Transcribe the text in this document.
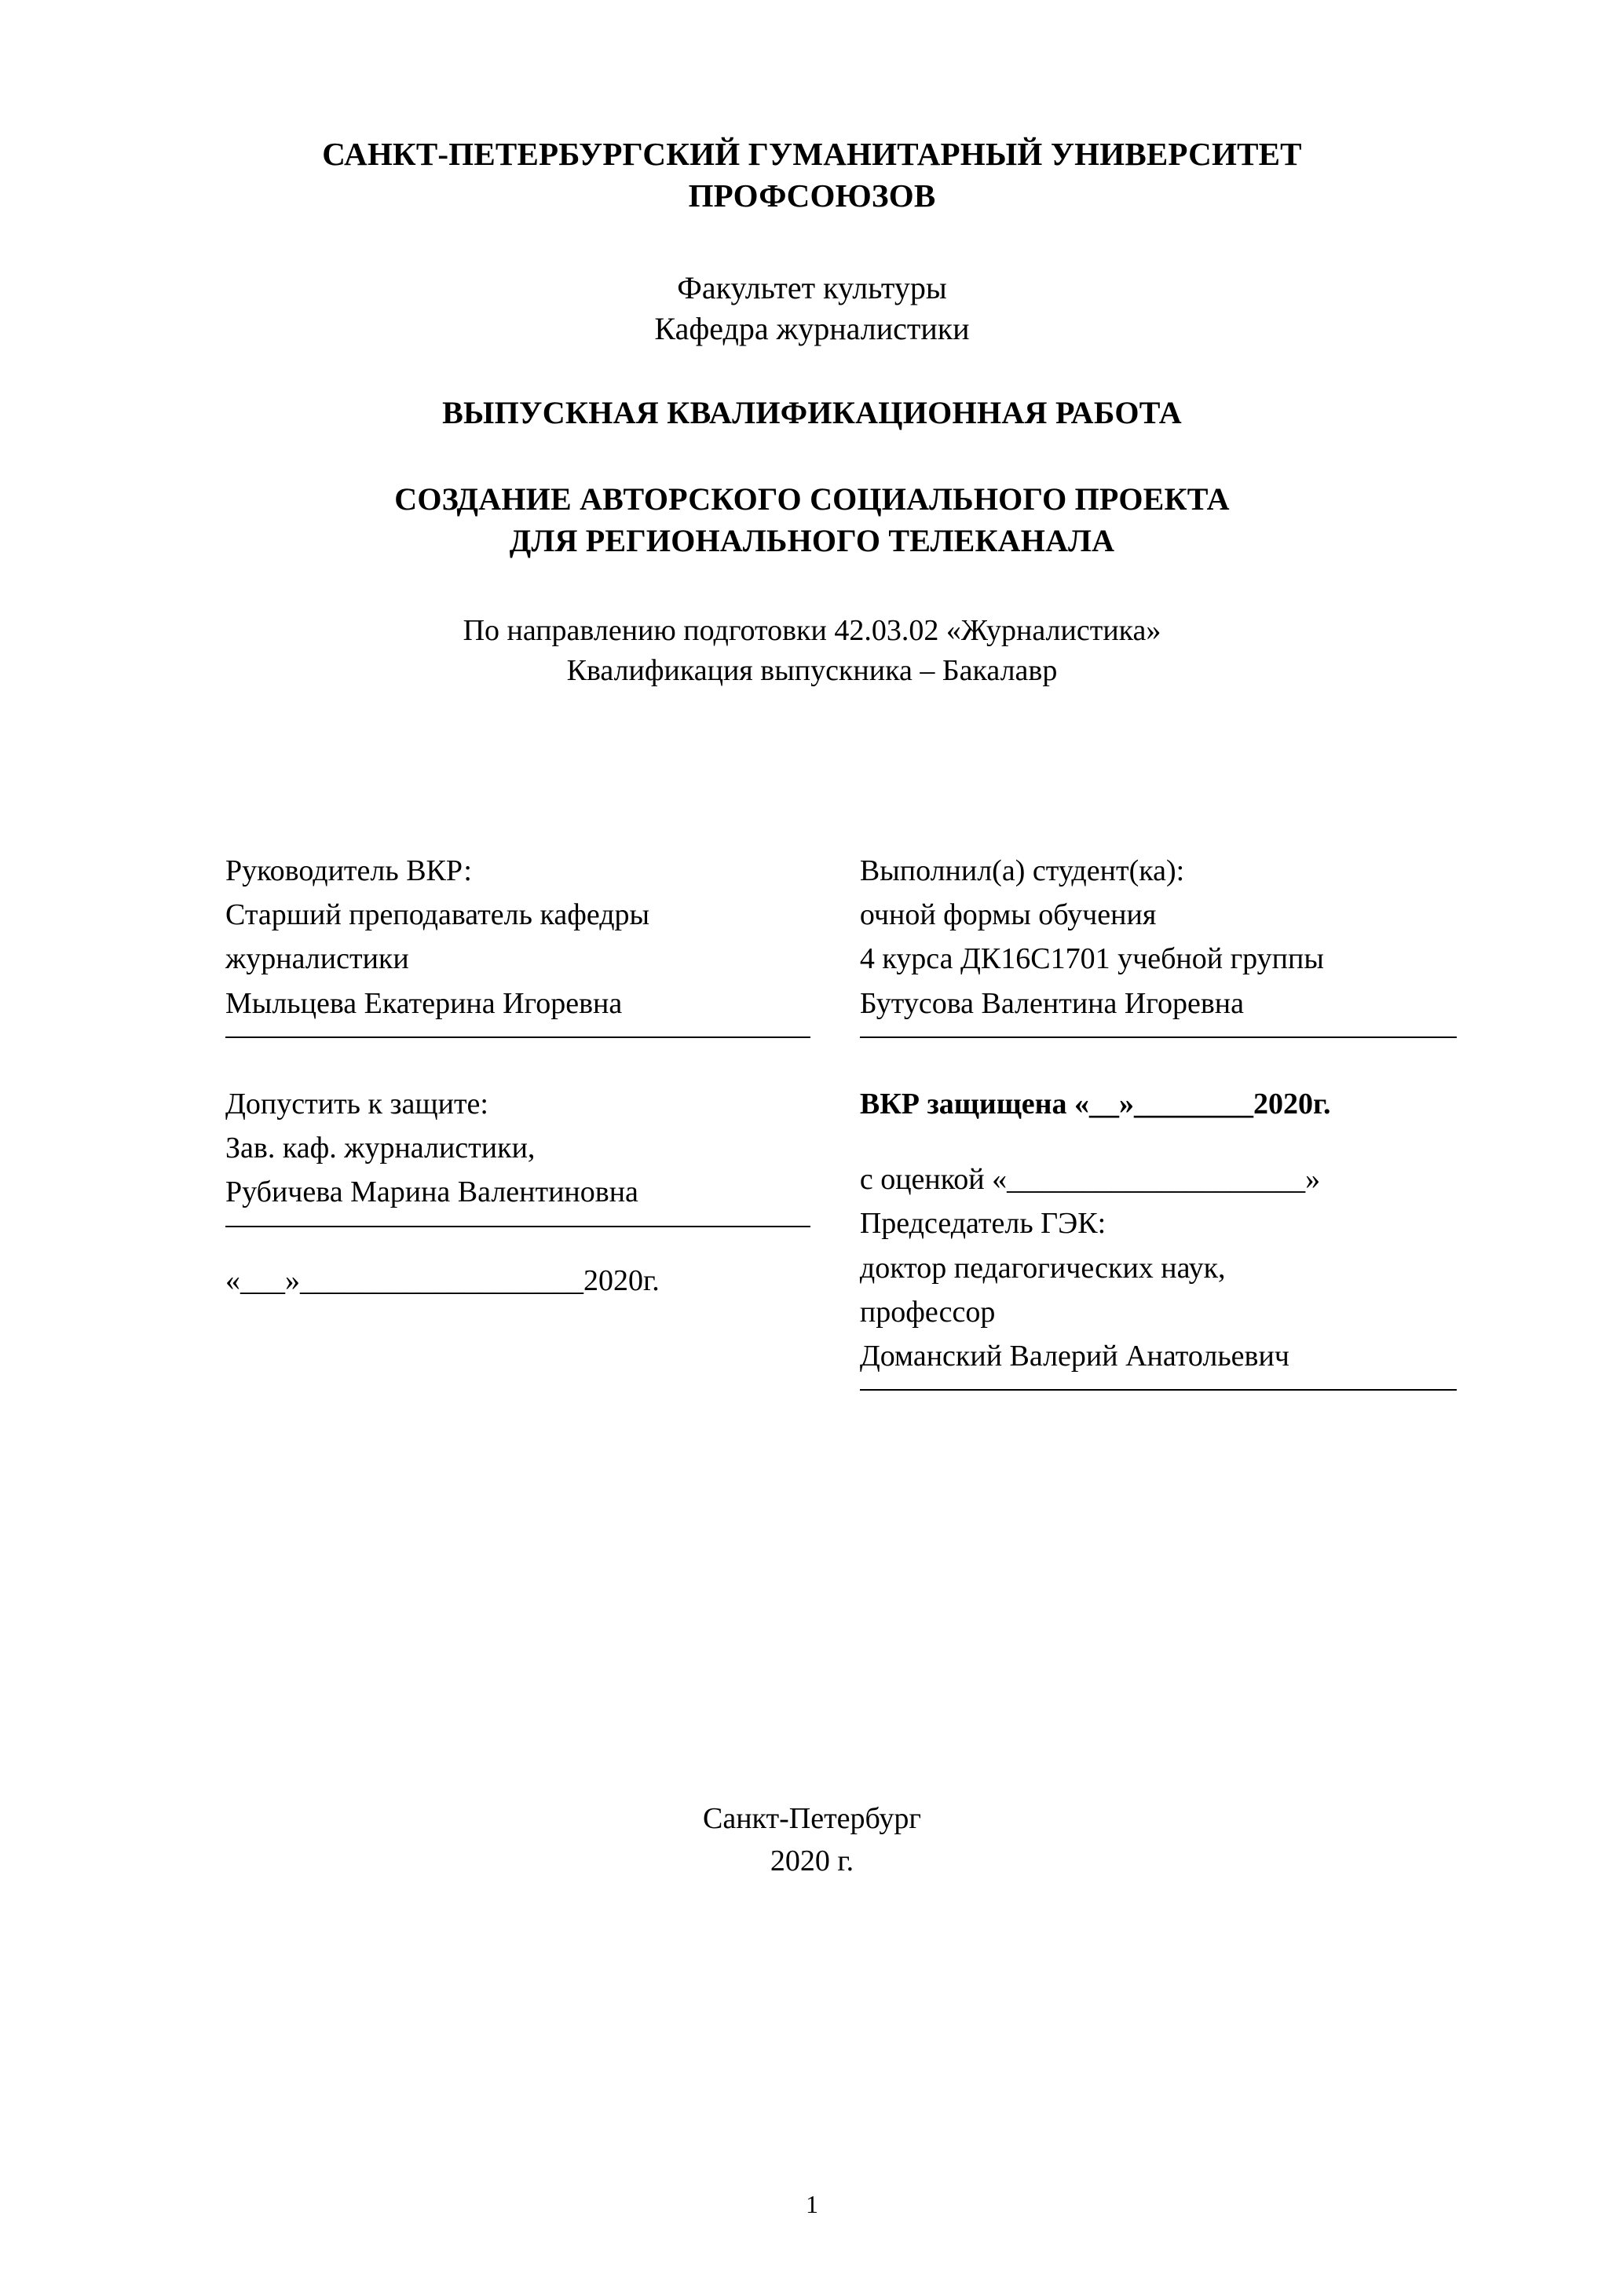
САНКТ-ПЕТЕРБУРГСКИЙ ГУМАНИТАРНЫЙ УНИВЕРСИТЕТ ПРОФСОЮЗОВ
Факультет культуры
Кафедра журналистики
ВЫПУСКНАЯ КВАЛИФИКАЦИОННАЯ РАБОТА
СОЗДАНИЕ АВТОРСКОГО СОЦИАЛЬНОГО ПРОЕКТА
ДЛЯ РЕГИОНАЛЬНОГО ТЕЛЕКАНАЛА
По направлению подготовки 42.03.02 «Журналистика»
Квалификация выпускника – Бакалавр
Руководитель ВКР:
Старший преподаватель кафедры
журналистики
Мыльцева Екатерина Игоревна
Допустить к защите:
Зав. каф. журналистики,
Рубичева Марина Валентиновна
«___»___________________2020г.
Выполнил(а) студент(ка):
очной формы обучения
4 курса ДК16С1701 учебной группы
Бутусова Валентина Игоревна
ВКР защищена «__»________2020г.
с оценкой «____________________»
Председатель ГЭК:
доктор педагогических наук,
профессор
Доманский Валерий Анатольевич
Санкт-Петербург
2020 г.
1
